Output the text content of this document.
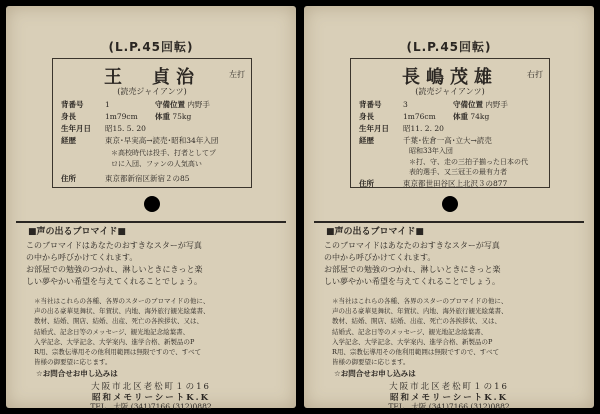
(L.P.45回転)
王　貞治	左打
(読売ジャイアンツ)
背番号	1	守備位置 内野手
身長	1m79cm 体重 75kg
生年月日 昭15. 5. 20
経歴	東京･早実高→読売･昭和34年入団
＊高校時代は投手、打者としてプ
ロに入団、ファンの人気高い
住所	東京都新宿区新宿２の85
■声の出るブロマイド■
このブロマイドはあなたのおすきなスターが写真
の中から呼びかけてくれます。
お部屋での勉強のつかれ、淋しいときにきっと楽
しい夢やかい希望を与えてくれることでしょう。
＊当社はこれらの各種、各界のスターのブロマイドの他に、
声の出る豪華見舞状、年賀状、内地、海外旅行観光絵葉書、
教材、結婚、開店、結婚、出産、死亡の各挨拶状、又は、
結婚式、記念日等のメッセージ、観光地記念絵葉書、
入学記念、大学記念、大学案内、進学合格、新製品のP
R用、宗教伝導用その他利用範囲は無限ですので、すべて
皆様の御要望に応じます。
☆お問合せお申し込みは
大阪市北区老松町１の16
昭和メモリーシートK.K
TEL　大阪 (341)7166 (312)0882
(L.P.45回転)
長嶋茂雄	右打
(読売ジャイアンツ)
背番号	3	守備位置 内野手
身長	1m76cm 体重 74kg
生年月日 昭11. 2. 20
経歴	千葉･佐倉一高･立大→読売
昭和33年入団
＊打、守、走の三拍子揃った日本の代
表的選手、又三冠王の最有力者
住所	東京都世田谷区上北沢３の877
■声の出るブロマイド■
このブロマイドはあなたのおすきなスターが写真
の中から呼びかけてくれます。
お部屋での勉強のつかれ、淋しいときにきっと楽
しい夢やかい希望を与えてくれることでしょう。
＊当社はこれらの各種、各界のスターのブロマイドの他に、
声の出る豪華見舞状、年賀状、内地、海外旅行観光絵葉書、
教材、結婚、開店、結婚、出産、死亡の各挨拶状、又は、
結婚式、記念日等のメッセージ、観光地記念絵葉書、
入学記念、大学記念、大学案内、進学合格、新製品のP
R用、宗教伝導用その他利用範囲は無限ですので、すべて
皆様の御要望に応じます。
☆お問合せお申し込みは
大阪市北区老松町１の16
昭和メモリーシートK.K
TEL　大阪 (341)7166 (312)0882
